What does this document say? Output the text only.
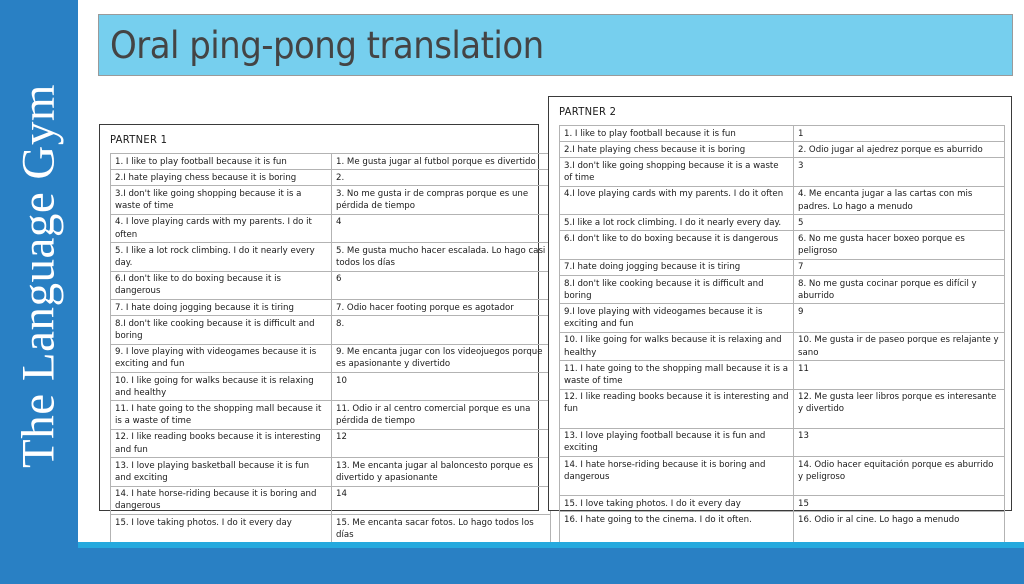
The Language Gym
Oral ping-pong translation
PARTNER 1
1. I like to play football because it is fun	1. Me gusta jugar al futbol porque es divertido
2.I hate playing chess because it is boring	2.
3.I don't like going shopping because it is a waste of time	3. No me gusta ir de compras porque es une pérdida de tiempo
4. I love playing cards with my parents. I do it often	4
5. I like a lot rock climbing. I do it nearly every day.	5. Me gusta mucho hacer escalada. Lo hago casi todos los días
6.I don't like to do boxing because it is dangerous	6
7. I hate doing jogging because it is tiring	7. Odio hacer footing porque es agotador
8.I don't like cooking because it is difficult and boring	8.
9. I love playing with videogames because it is exciting and fun	9. Me encanta jugar con los videojuegos porque es apasionante y divertido
10. I like going for walks because it is relaxing and healthy	10
11. I hate going to the shopping mall because it is a waste of time	11. Odio ir al centro comercial porque es una pérdida de tiempo
12. I like reading books because it is interesting and fun	12
13. I love playing basketball because it is fun and exciting	13. Me encanta jugar al baloncesto porque es divertido y apasionante
14. I hate horse-riding because it is boring and dangerous	14
15. I love taking photos. I do it every day	15. Me encanta sacar fotos. Lo hago todos los días

PARTNER 2
1. I like to play football because it is fun	1
2.I hate playing chess because it is boring	2. Odio jugar al ajedrez porque es aburrido
3.I don't like going shopping because it is a waste of time	3
4.I love playing cards with my parents. I do it often	4. Me encanta jugar a las cartas con mis padres. Lo hago a menudo
5.I like a lot rock climbing. I do it nearly every day.	5
6.I don't like to do boxing because it is dangerous	6. No me gusta hacer boxeo porque es peligroso
7.I hate doing jogging because it is tiring	7
8.I don't like cooking because it is difficult and boring	8. No me gusta cocinar porque es difícil y aburrido
9.I love playing with videogames because it is exciting and fun	9
10. I like going for walks because it is relaxing and healthy	10. Me gusta ir de paseo porque es relajante y sano
11. I hate going to the shopping mall because it is a waste of time	11
12. I like reading books because it is interesting and fun	12. Me gusta leer libros porque es interesante y divertido
13. I love playing football because it is fun and exciting	13
14. I hate horse-riding because it is boring and dangerous	14. Odio hacer equitación porque es aburrido y peligroso
15. I love taking photos. I do it every day	15
16. I hate going to the cinema. I do it often.	16. Odio ir al cine. Lo hago a menudo
